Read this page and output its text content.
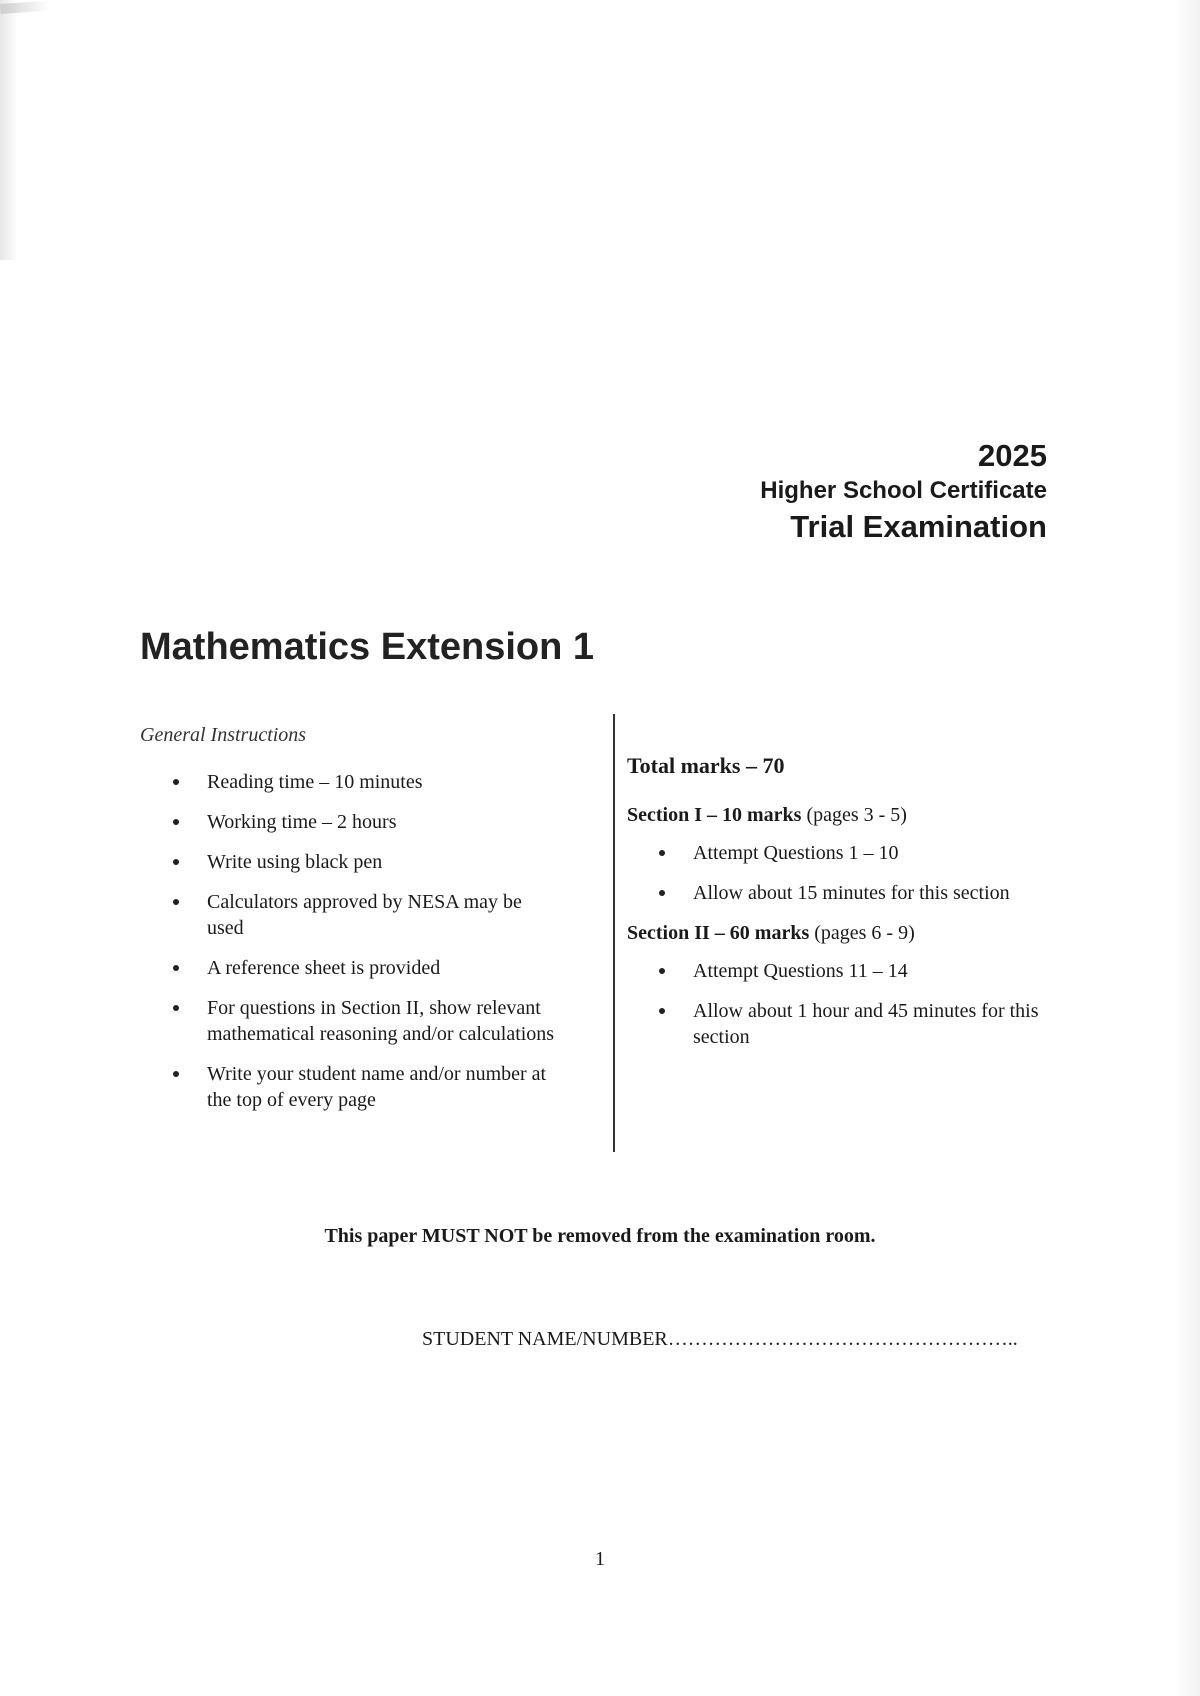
2025
Higher School Certificate
Trial Examination
Mathematics Extension 1
General Instructions
Reading time – 10 minutes
Working time – 2 hours
Write using black pen
Calculators approved by NESA may be used
A reference sheet is provided
For questions in Section II, show relevant mathematical reasoning and/or calculations
Write your student name and/or number at the top of every page
Total marks – 70
Section I – 10 marks (pages 3 - 5)
Attempt Questions 1 – 10
Allow about 15 minutes for this section
Section II – 60 marks (pages 6 - 9)
Attempt Questions 11 – 14
Allow about 1 hour and 45 minutes for this section
This paper MUST NOT be removed from the examination room.
STUDENT NAME/NUMBER……………………………………………..
1
